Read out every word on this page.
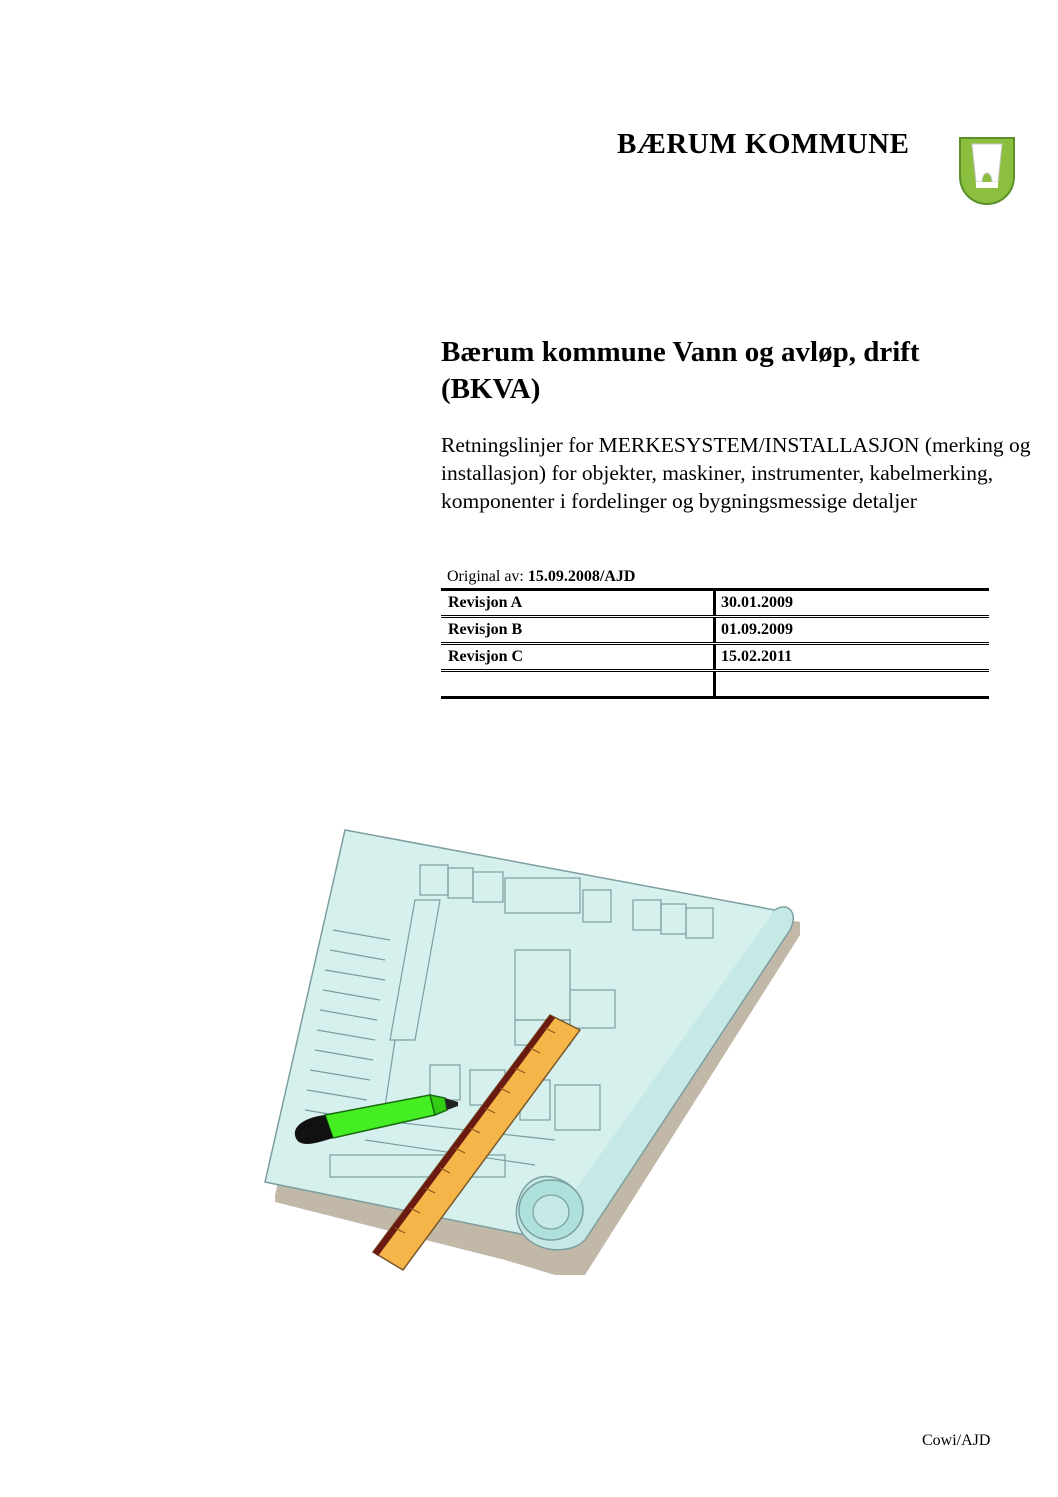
BÆRUM KOMMUNE
Bærum kommune Vann og avløp, drift (BKVA)

Retningslinjer for MERKESYSTEM/INSTALLASJON (merking og installasjon) for objekter, maskiner, instrumenter, kabelmerking, komponenter i fordelinger og bygningsmessige detaljer

Original av: 15.09.2008/AJD
Revisjon A	30.01.2009
Revisjon B	01.09.2009
Revisjon C	15.02.2011
Cowi/AJD
